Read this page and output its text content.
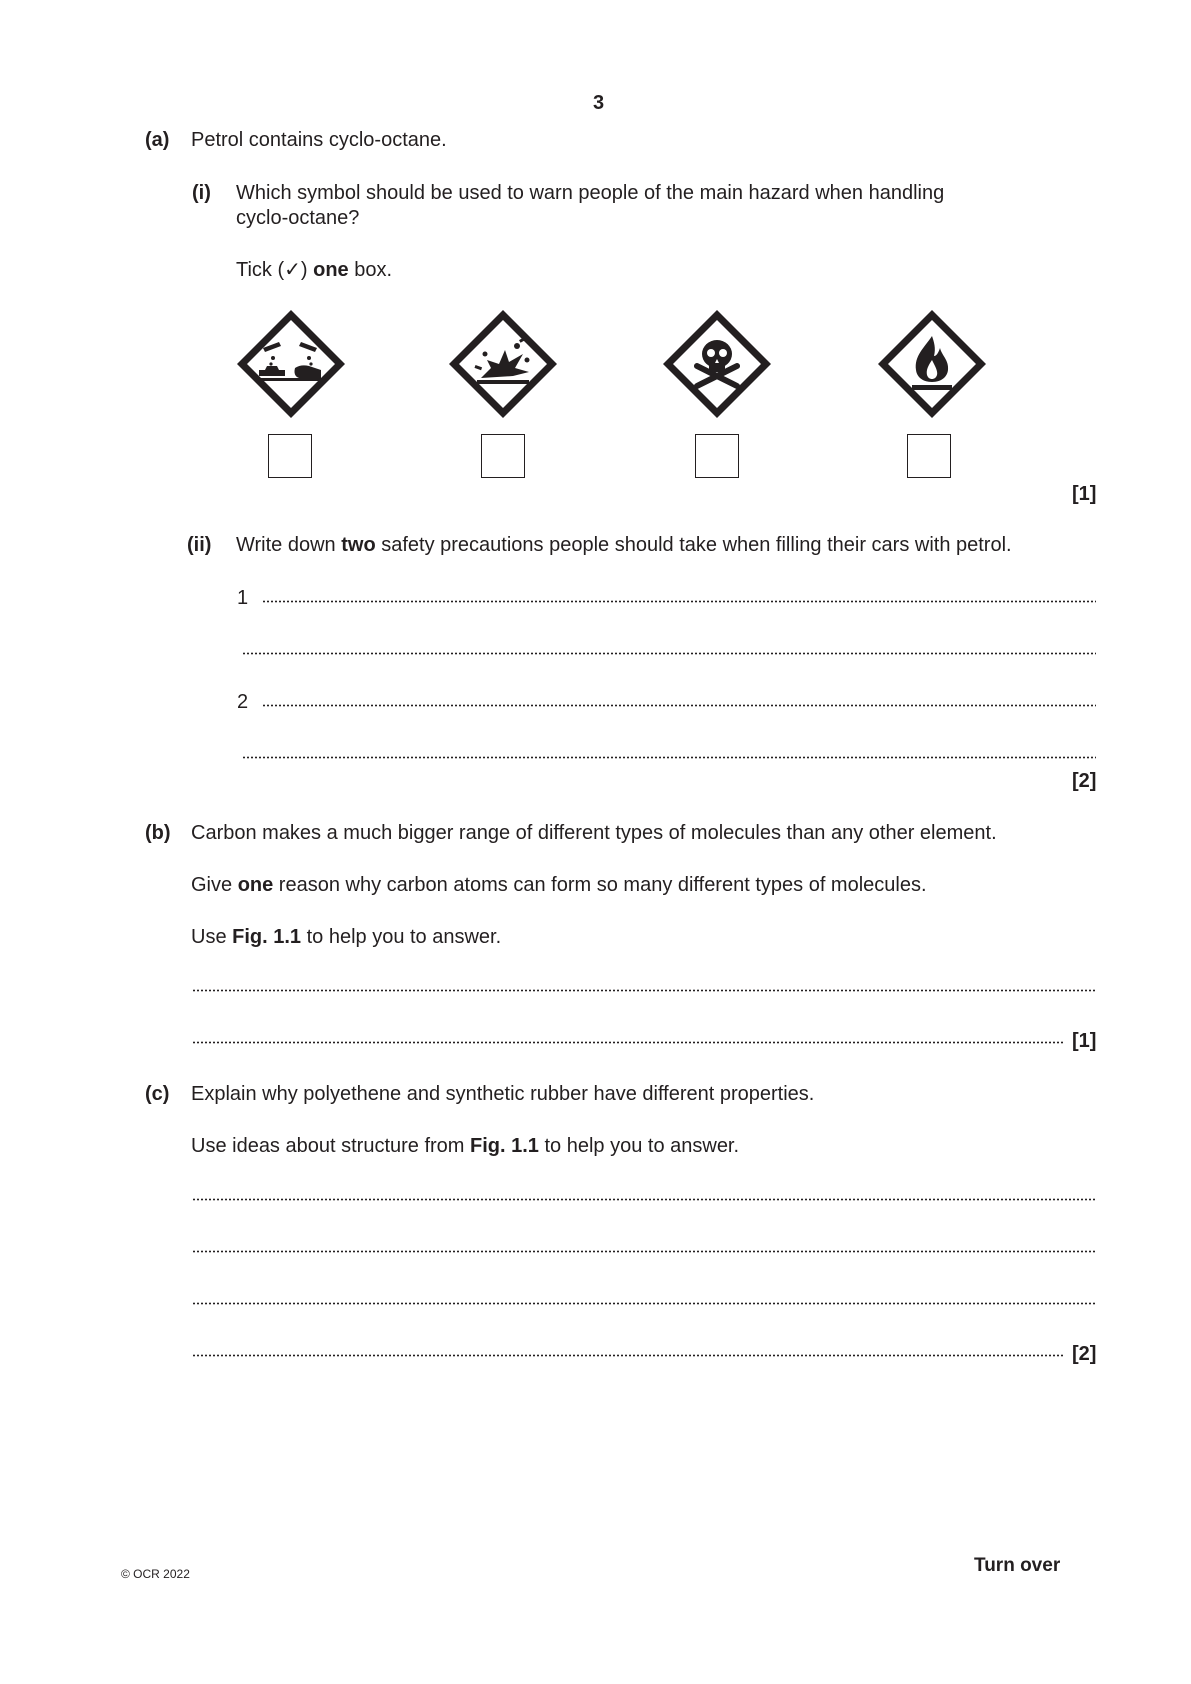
3
(a) Petrol contains cyclo-octane.
(i) Which symbol should be used to warn people of the main hazard when handling
cyclo-octane?
Tick (✓) one box.
[1]
(ii) Write down two safety precautions people should take when filling their cars with petrol.
1
2
[2]
(b) Carbon makes a much bigger range of different types of molecules than any other element.
Give one reason why carbon atoms can form so many different types of molecules.
Use Fig. 1.1 to help you to answer.
[1]
(c) Explain why polyethene and synthetic rubber have different properties.
Use ideas about structure from Fig. 1.1 to help you to answer.
[2]
© OCR 2022	Turn over
